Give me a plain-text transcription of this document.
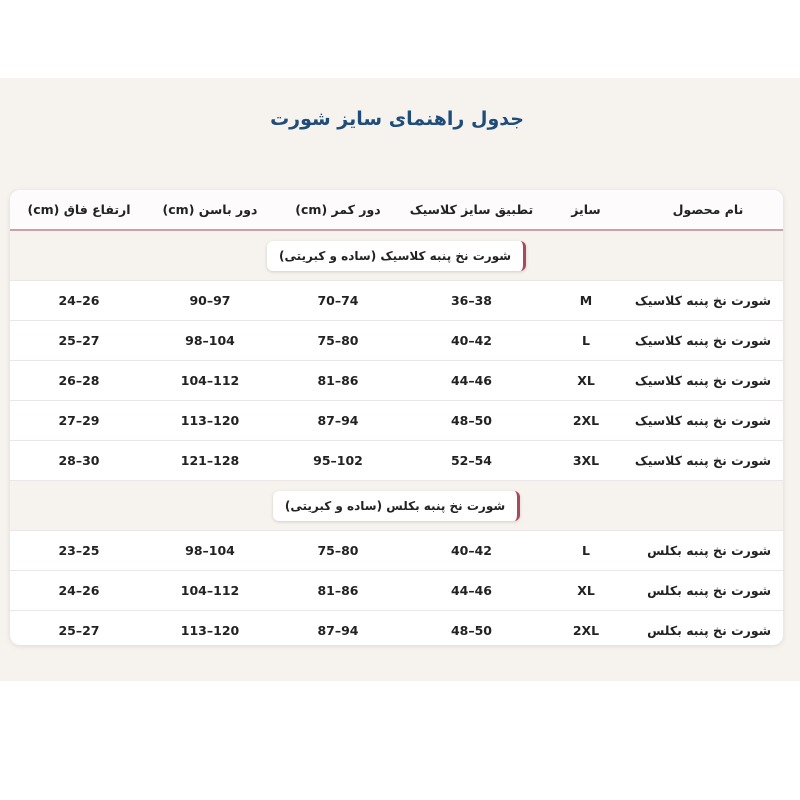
جدول راهنمای سایز شورت
نام محصول	سایز	تطبیق سایز کلاسیک	دور کمر (cm)	دور باسن (cm)	ارتفاع فاق (cm)
شورت نخ پنبه کلاسیک (ساده و کبریتی)					
شورت نخ پنبه کلاسیک	M	36–38	70–74	90–97	24–26
شورت نخ پنبه کلاسیک	L	40–42	75–80	98–104	25–27
شورت نخ پنبه کلاسیک	XL	44–46	81–86	104–112	26–28
شورت نخ پنبه کلاسیک	2XL	48–50	87–94	113–120	27–29
شورت نخ پنبه کلاسیک	3XL	52–54	95–102	121–128	28–30
شورت نخ پنبه بکلس (ساده و کبریتی)					
شورت نخ پنبه بکلس	L	40–42	75–80	98–104	23–25
شورت نخ پنبه بکلس	XL	44–46	81–86	104–112	24–26
شورت نخ پنبه بکلس	2XL	48–50	87–94	113–120	25–27
